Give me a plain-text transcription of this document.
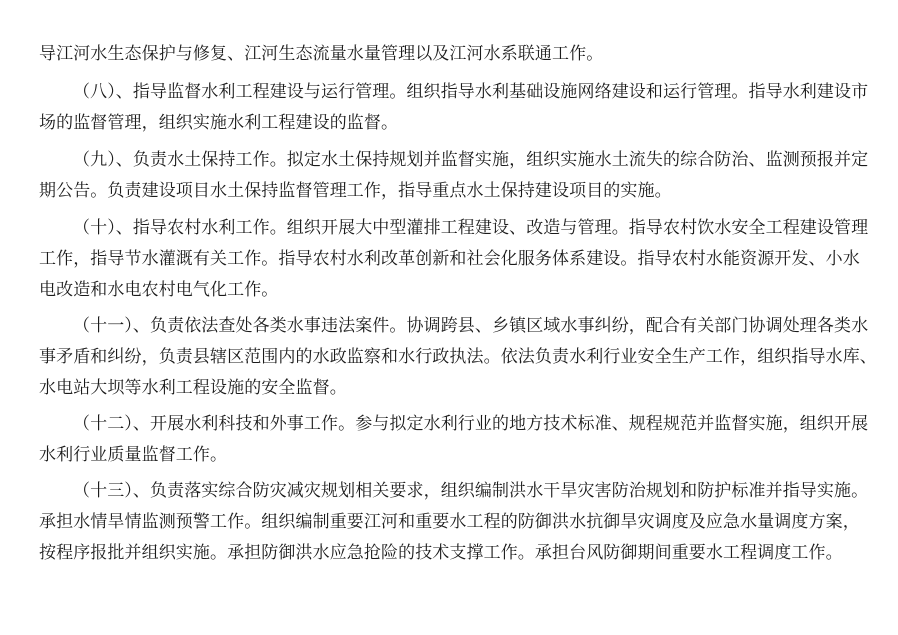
导江河水生态保护与修复、江河生态流量水量管理以及江河水系联通工作。
（八）、指导监督水利工程建设与运行管理。组织指导水利基础设施网络建设和运行管理。指导水利建设市
场的监督管理，组织实施水利工程建设的监督。
（九）、负责水土保持工作。拟定水土保持规划并监督实施，组织实施水土流失的综合防治、监测预报并定
期公告。负责建设项目水土保持监督管理工作，指导重点水土保持建设项目的实施。
（十）、指导农村水利工作。组织开展大中型灌排工程建设、改造与管理。指导农村饮水安全工程建设管理
工作，指导节水灌溉有关工作。指导农村水利改革创新和社会化服务体系建设。指导农村水能资源开发、小水
电改造和水电农村电气化工作。
（十一）、负责依法查处各类水事违法案件。协调跨县、乡镇区域水事纠纷，配合有关部门协调处理各类水
事矛盾和纠纷，负责县辖区范围内的水政监察和水行政执法。依法负责水利行业安全生产工作，组织指导水库、
水电站大坝等水利工程设施的安全监督。
（十二）、开展水利科技和外事工作。参与拟定水利行业的地方技术标准、规程规范并监督实施，组织开展
水利行业质量监督工作。
（十三）、负责落实综合防灾减灾规划相关要求，组织编制洪水干旱灾害防治规划和防护标准并指导实施。
承担水情旱情监测预警工作。组织编制重要江河和重要水工程的防御洪水抗御旱灾调度及应急水量调度方案，
按程序报批并组织实施。承担防御洪水应急抢险的技术支撑工作。承担台风防御期间重要水工程调度工作。
